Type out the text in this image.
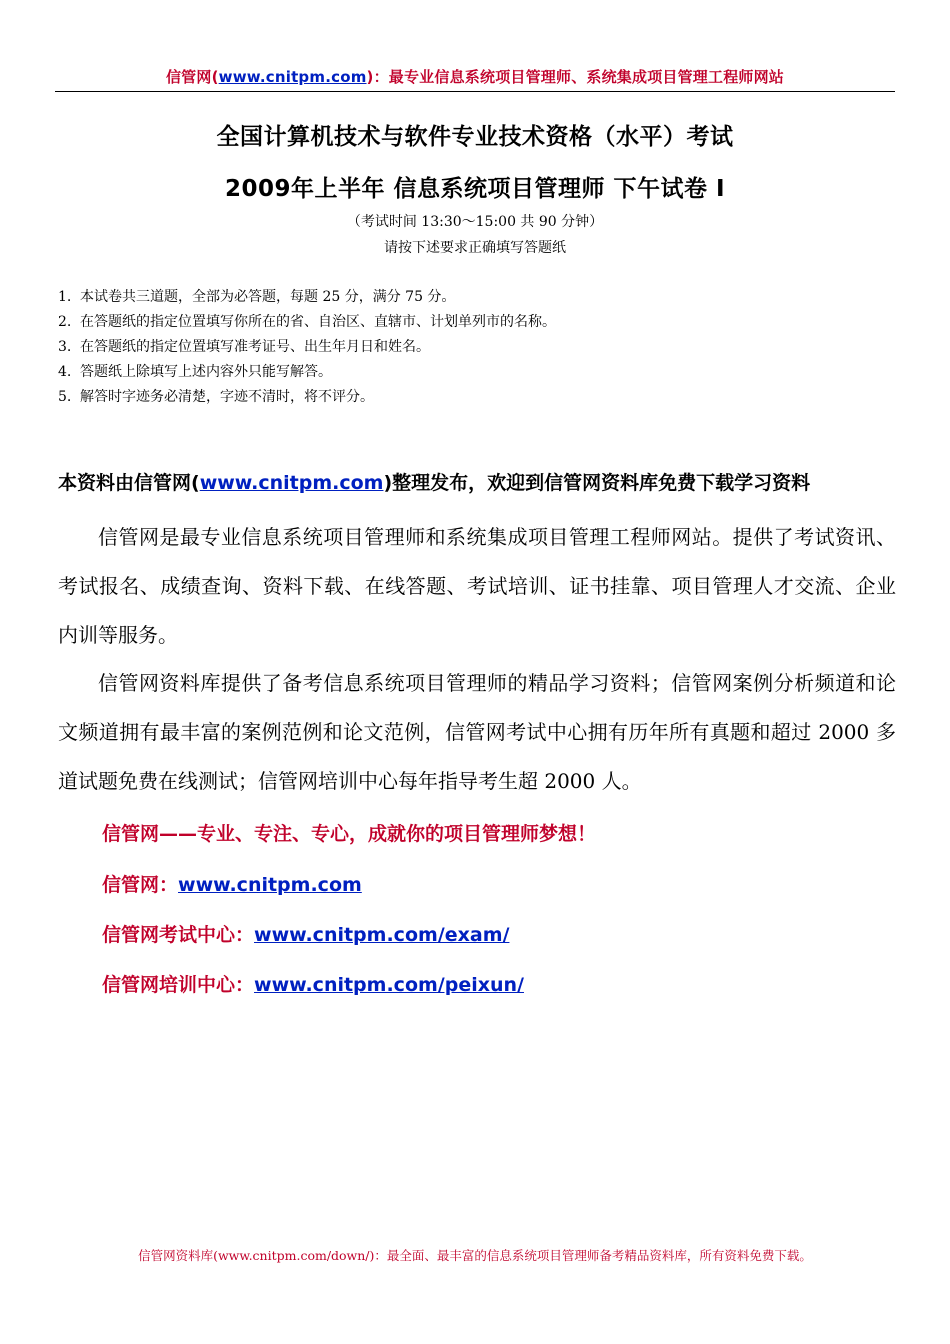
信管网(www.cnitpm.com)：最专业信息系统项目管理师、系统集成项目管理工程师网站
全国计算机技术与软件专业技术资格（水平）考试
2009年上半年 信息系统项目管理师 下午试卷 I
（考试时间 13:30～15:00 共 90 分钟）
请按下述要求正确填写答题纸
1. 本试卷共三道题，全部为必答题，每题 25 分，满分 75 分。
2. 在答题纸的指定位置填写你所在的省、自治区、直辖市、计划单列市的名称。
3. 在答题纸的指定位置填写准考证号、出生年月日和姓名。
4. 答题纸上除填写上述内容外只能写解答。
5. 解答时字迹务必清楚，字迹不清时，将不评分。
本资料由信管网(www.cnitpm.com)整理发布，欢迎到信管网资料库免费下载学习资料
信管网是最专业信息系统项目管理师和系统集成项目管理工程师网站。提供了考试资讯、考试报名、成绩查询、资料下载、在线答题、考试培训、证书挂靠、项目管理人才交流、企业内训等服务。
信管网资料库提供了备考信息系统项目管理师的精品学习资料；信管网案例分析频道和论文频道拥有最丰富的案例范例和论文范例，信管网考试中心拥有历年所有真题和超过 2000 多道试题免费在线测试；信管网培训中心每年指导考生超 2000 人。
信管网——专业、专注、专心，成就你的项目管理师梦想！
信管网：www.cnitpm.com
信管网考试中心：www.cnitpm.com/exam/
信管网培训中心：www.cnitpm.com/peixun/
信管网资料库(www.cnitpm.com/down/)：最全面、最丰富的信息系统项目管理师备考精品资料库，所有资料免费下载。
